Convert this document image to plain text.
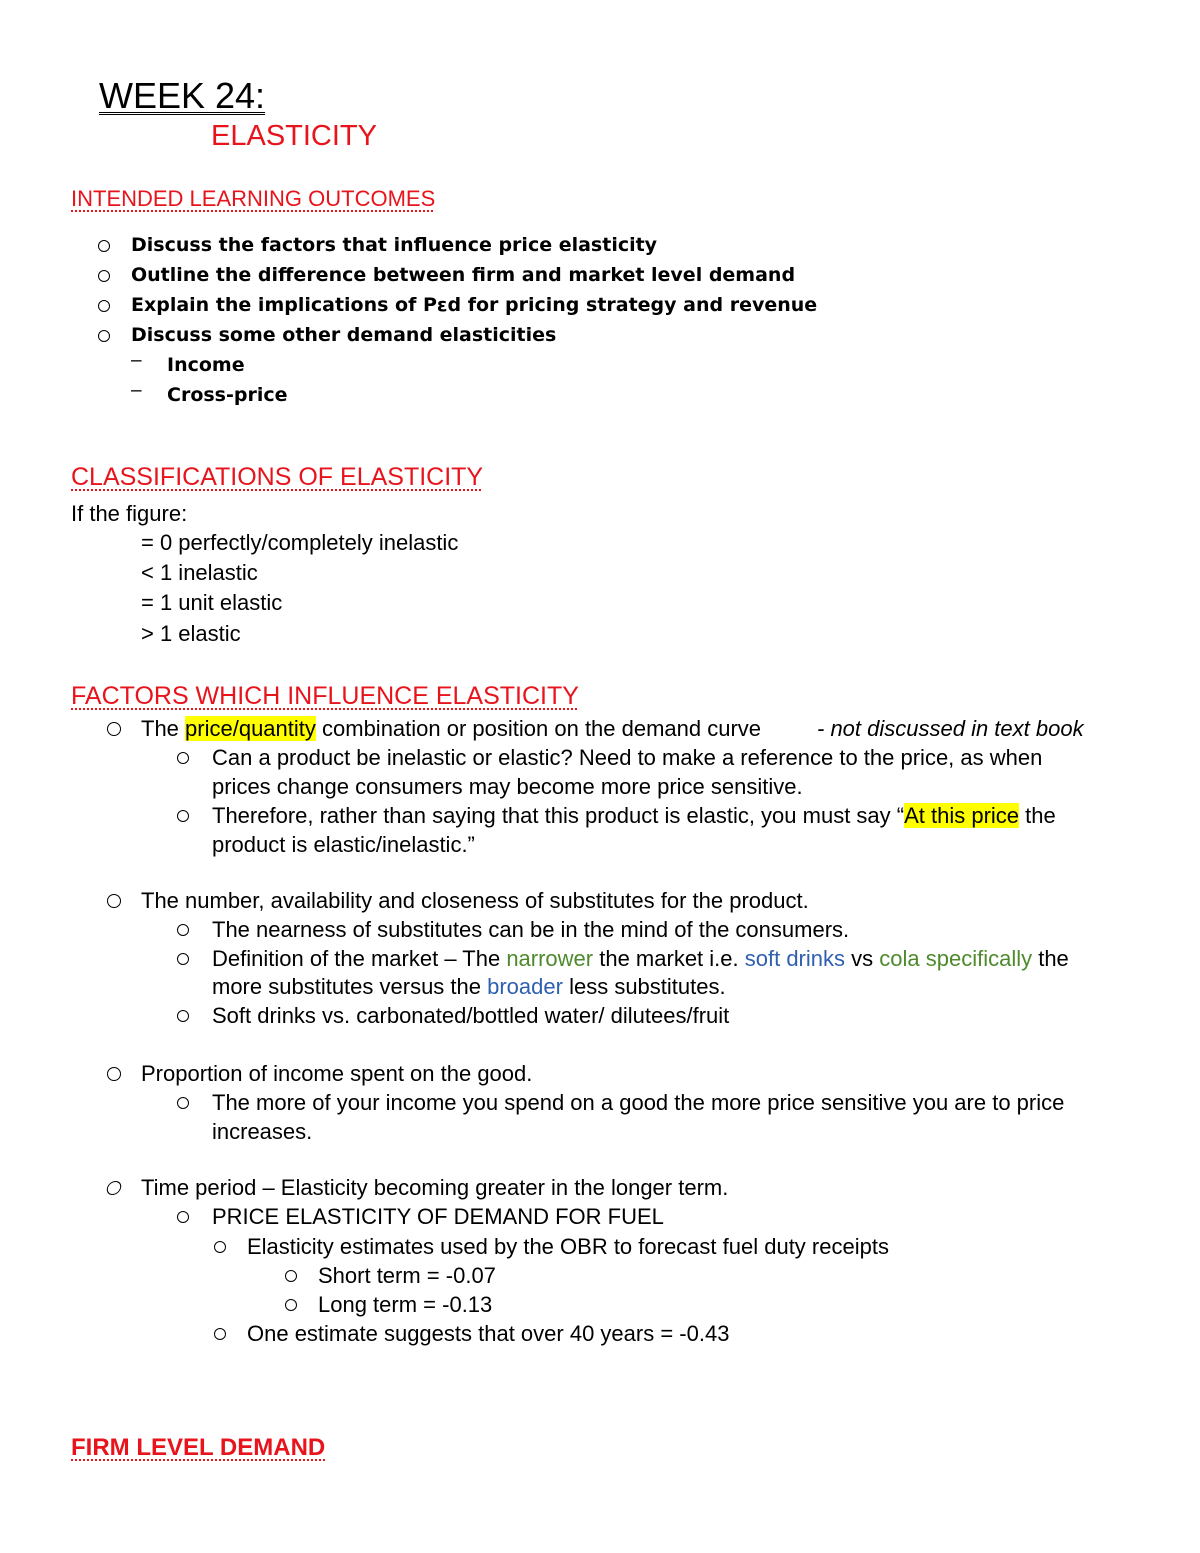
WEEK 24:
ELASTICITY
INTENDED LEARNING OUTCOMES
Discuss the factors that influence price elasticity
Outline the difference between firm and market level demand
Explain the implications of Pεd for pricing strategy and revenue
Discuss some other demand elasticities
– Income
– Cross-price
CLASSIFICATIONS OF ELASTICITY
If the figure:
= 0 perfectly/completely inelastic
< 1 inelastic
= 1 unit elastic
> 1 elastic
FACTORS WHICH INFLUENCE ELASTICITY
The price/quantity combination or position on the demand curve	- not discussed in text book
Can a product be inelastic or elastic? Need to make a reference to the price, as when
prices change consumers may become more price sensitive.
Therefore, rather than saying that this product is elastic, you must say “At this price the
product is elastic/inelastic.”
The number, availability and closeness of substitutes for the product.
The nearness of substitutes can be in the mind of the consumers.
Definition of the market – The narrower the market i.e. soft drinks vs cola specifically the
more substitutes versus the broader less substitutes.
Soft drinks vs. carbonated/bottled water/ dilutees/fruit
Proportion of income spent on the good.
The more of your income you spend on a good the more price sensitive you are to price
increases.
Time period – Elasticity becoming greater in the longer term.
PRICE ELASTICITY OF DEMAND FOR FUEL
Elasticity estimates used by the OBR to forecast fuel duty receipts
Short term = -0.07
Long term = -0.13
One estimate suggests that over 40 years = -0.43
FIRM LEVEL DEMAND
